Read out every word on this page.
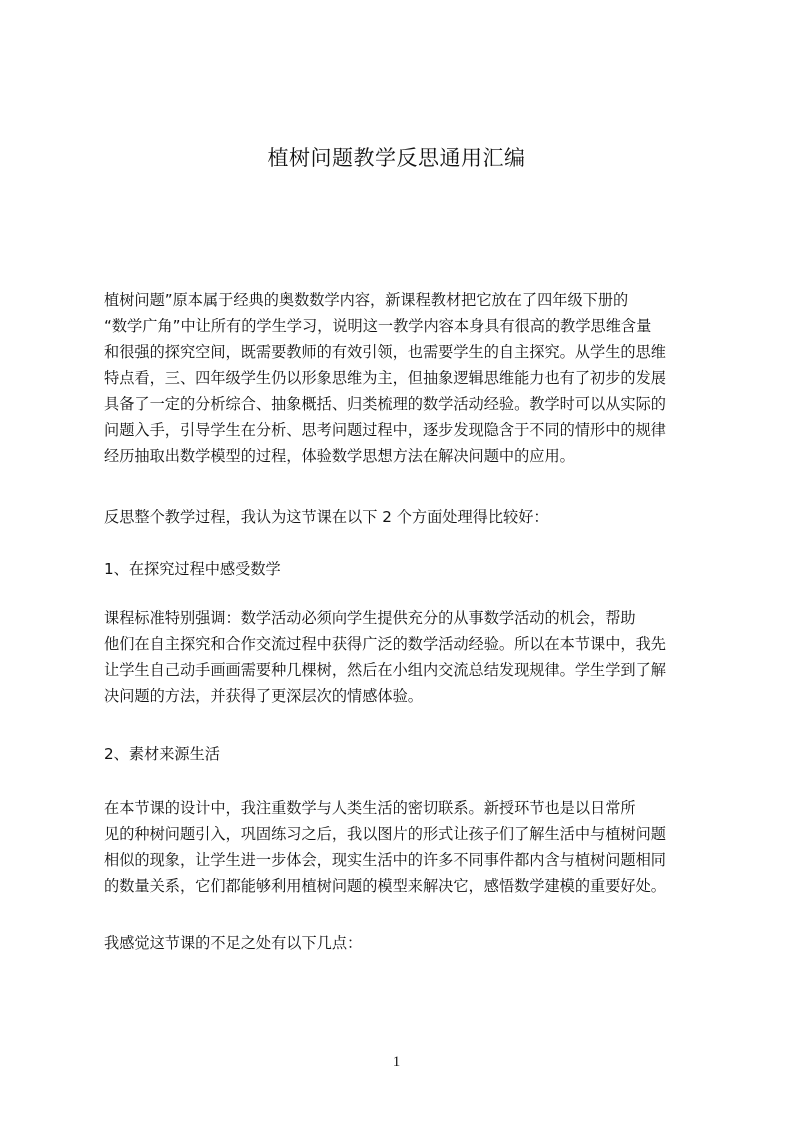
植树问题教学反思通用汇编
植树问题”原本属于经典的奥数数学内容，新课程教材把它放在了四年级下册的
“数学广角”中让所有的学生学习，说明这一教学内容本身具有很高的教学思维含量
和很强的探究空间，既需要教师的有效引领，也需要学生的自主探究。从学生的思维
特点看，三、四年级学生仍以形象思维为主，但抽象逻辑思维能力也有了初步的发展
具备了一定的分析综合、抽象概括、归类梳理的数学活动经验。教学时可以从实际的
问题入手，引导学生在分析、思考问题过程中，逐步发现隐含于不同的情形中的规律
经历抽取出数学模型的过程，体验数学思想方法在解决问题中的应用。
反思整个教学过程，我认为这节课在以下 2 个方面处理得比较好：
1、在探究过程中感受数学
课程标准特别强调：数学活动必须向学生提供充分的从事数学活动的机会，帮助
他们在自主探究和合作交流过程中获得广泛的数学活动经验。所以在本节课中，我先
让学生自己动手画画需要种几棵树，然后在小组内交流总结发现规律。学生学到了解
决问题的方法，并获得了更深层次的情感体验。
2、素材来源生活
在本节课的设计中，我注重数学与人类生活的密切联系。新授环节也是以日常所
见的种树问题引入，巩固练习之后，我以图片的形式让孩子们了解生活中与植树问题
相似的现象，让学生进一步体会，现实生活中的许多不同事件都内含与植树问题相同
的数量关系，它们都能够利用植树问题的模型来解决它，感悟数学建模的重要好处。
我感觉这节课的不足之处有以下几点：
1
